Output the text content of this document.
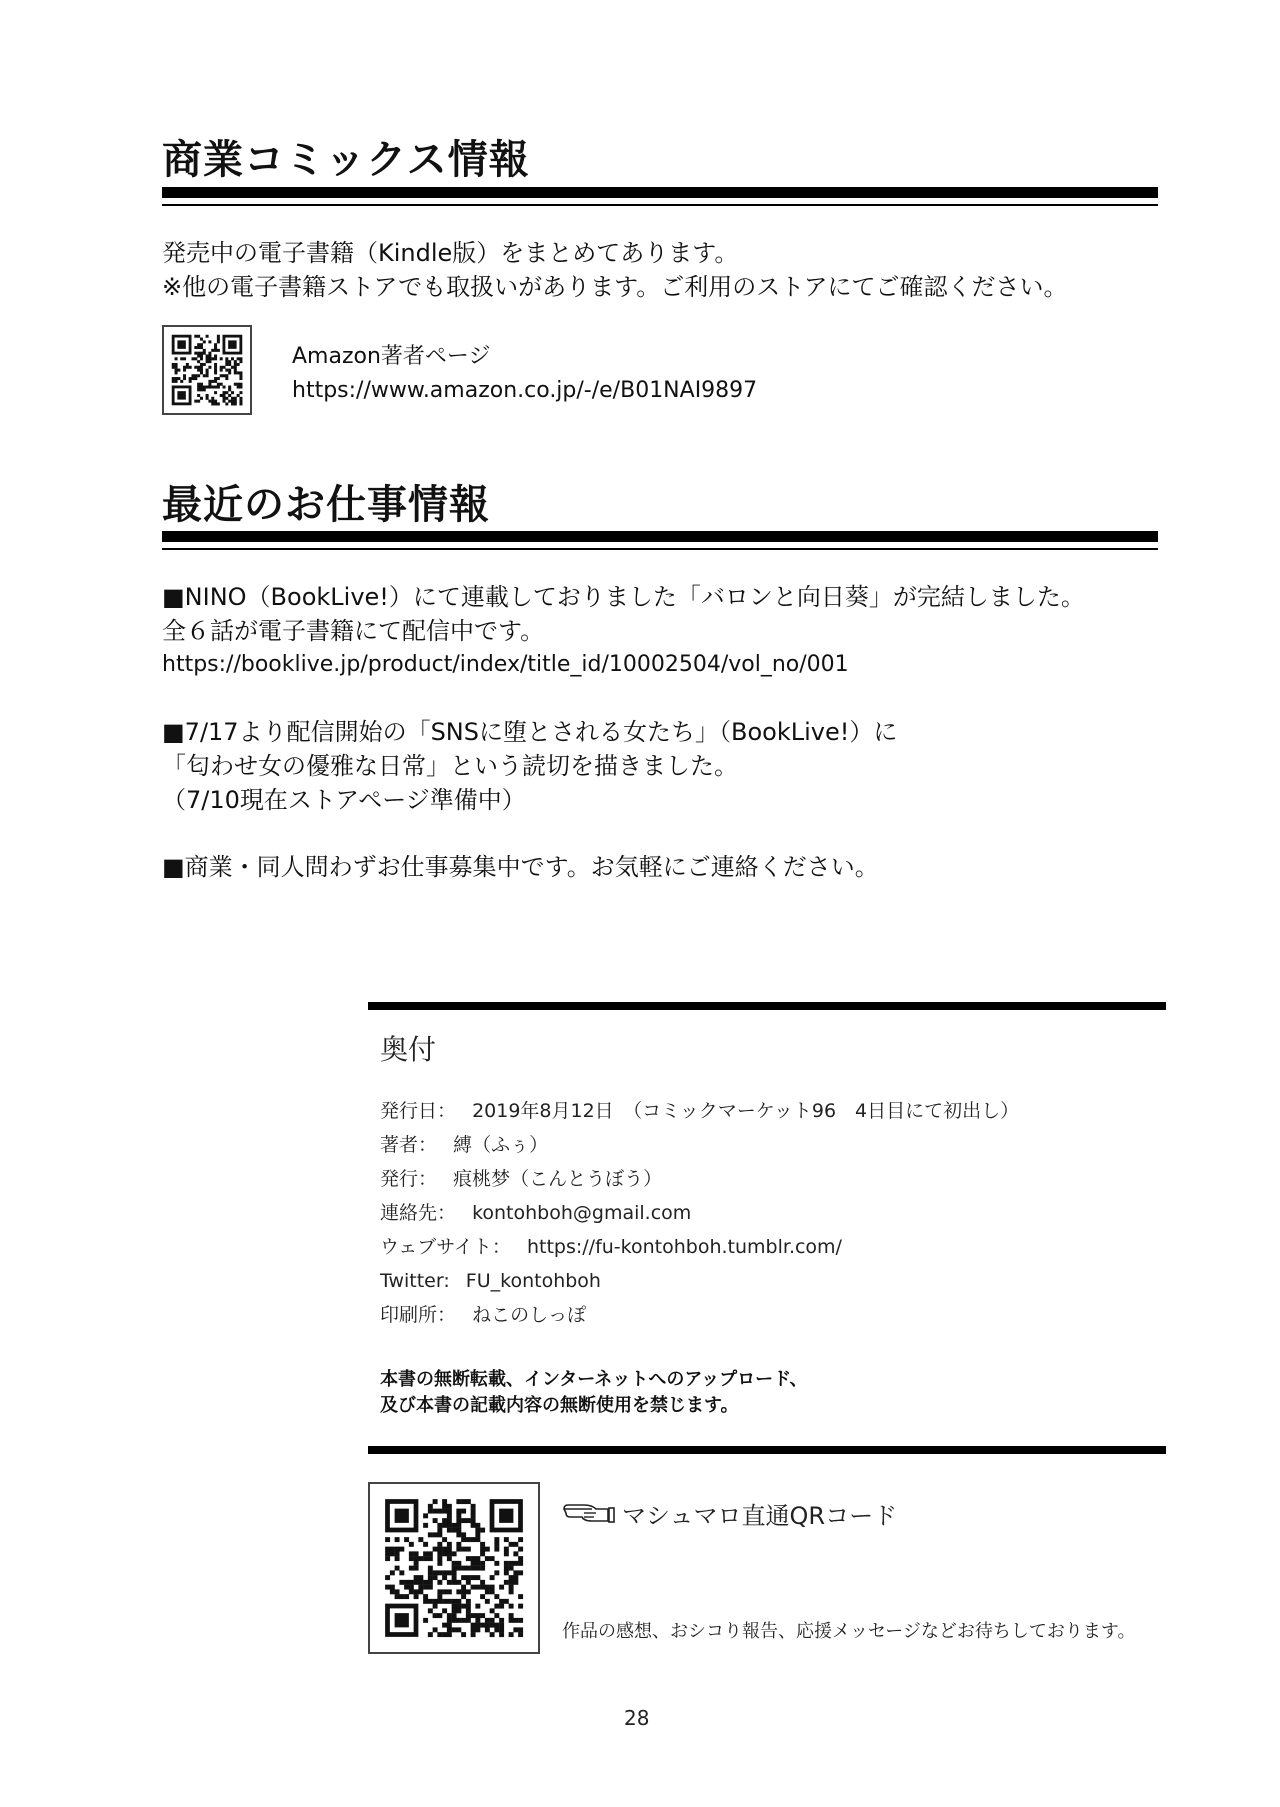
商業コミックス情報
発売中の電子書籍（Kindle版）をまとめてあります。
※他の電子書籍ストアでも取扱いがあります。ご利用のストアにてご確認ください。
Amazon著者ページ
https://www.amazon.co.jp/-/e/B01NAI9897
最近のお仕事情報
■NINO（BookLive!）にて連載しておりました「バロンと向日葵」が完結しました。
全６話が電子書籍にて配信中です。
https://booklive.jp/product/index/title_id/10002504/vol_no/001
■7/17より配信開始の「SNSに堕とされる女たち」（BookLive!）に
「匂わせ女の優雅な日常」という読切を描きました。
（7/10現在ストアページ準備中）
■商業・同人問わずお仕事募集中です。お気軽にご連絡ください。
奥付
発行日： 2019年8月12日　（コミックマーケット96　4日目にて初出し）
著者： 縛（ふぅ）
発行： 痕桃梦（こんとうぼう）
連絡先： kontohboh@gmail.com
ウェブサイト： https://fu-kontohboh.tumblr.com/
Twitter: FU_kontohboh
印刷所： ねこのしっぽ
本書の無断転載、インターネットへのアップロード、
及び本書の記載内容の無断使用を禁じます。
マシュマロ直通QRコード
作品の感想、おシコり報告、応援メッセージなどお待ちしております。
28
